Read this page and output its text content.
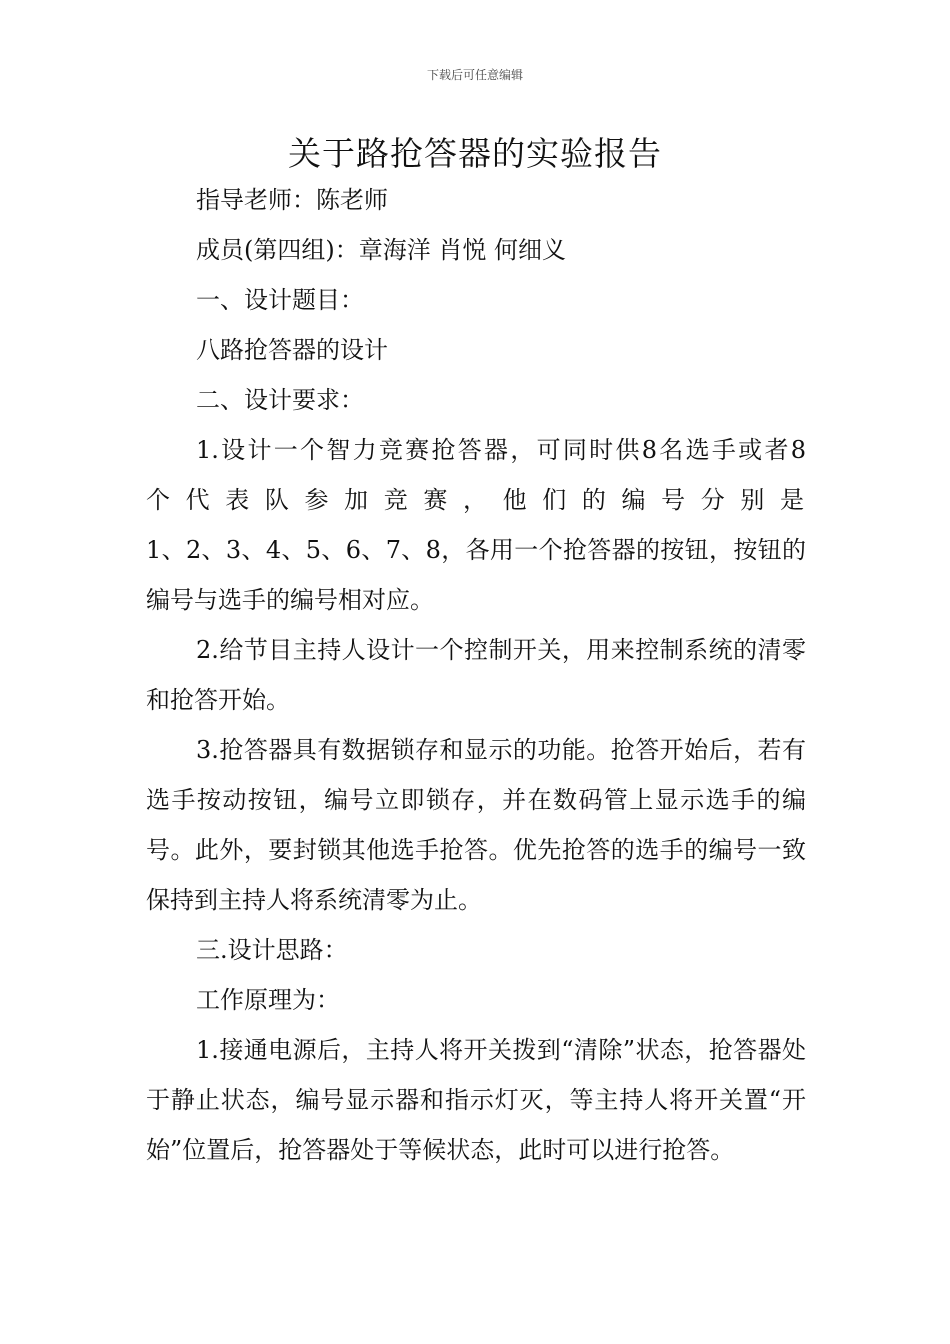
下载后可任意编辑
关于路抢答器的实验报告

指导老师：陈老师

成员(第四组)：章海洋 肖悦 何细义

一、设计题目：

八路抢答器的设计

二、设计要求：

1.设计一个智力竞赛抢答器，可同时供8名选手或者8

个代表队参加竞赛，他们的编号分别是

1、2、3、4、5、6、7、8，各用一个抢答器的按钮，按钮的编号与选手的编号相对应。

2.给节目主持人设计一个控制开关，用来控制系统的清零和抢答开始。

3.抢答器具有数据锁存和显示的功能。抢答开始后，若有选手按动按钮，编号立即锁存，并在数码管上显示选手的编号。此外，要封锁其他选手抢答。优先抢答的选手的编号一致保持到主持人将系统清零为止。

三.设计思路：

工作原理为：

1.接通电源后，主持人将开关拨到“清除”状态，抢答器处于静止状态，编号显示器和指示灯灭，等主持人将开关置“开始”位置后，抢答器处于等候状态，此时可以进行抢答。
